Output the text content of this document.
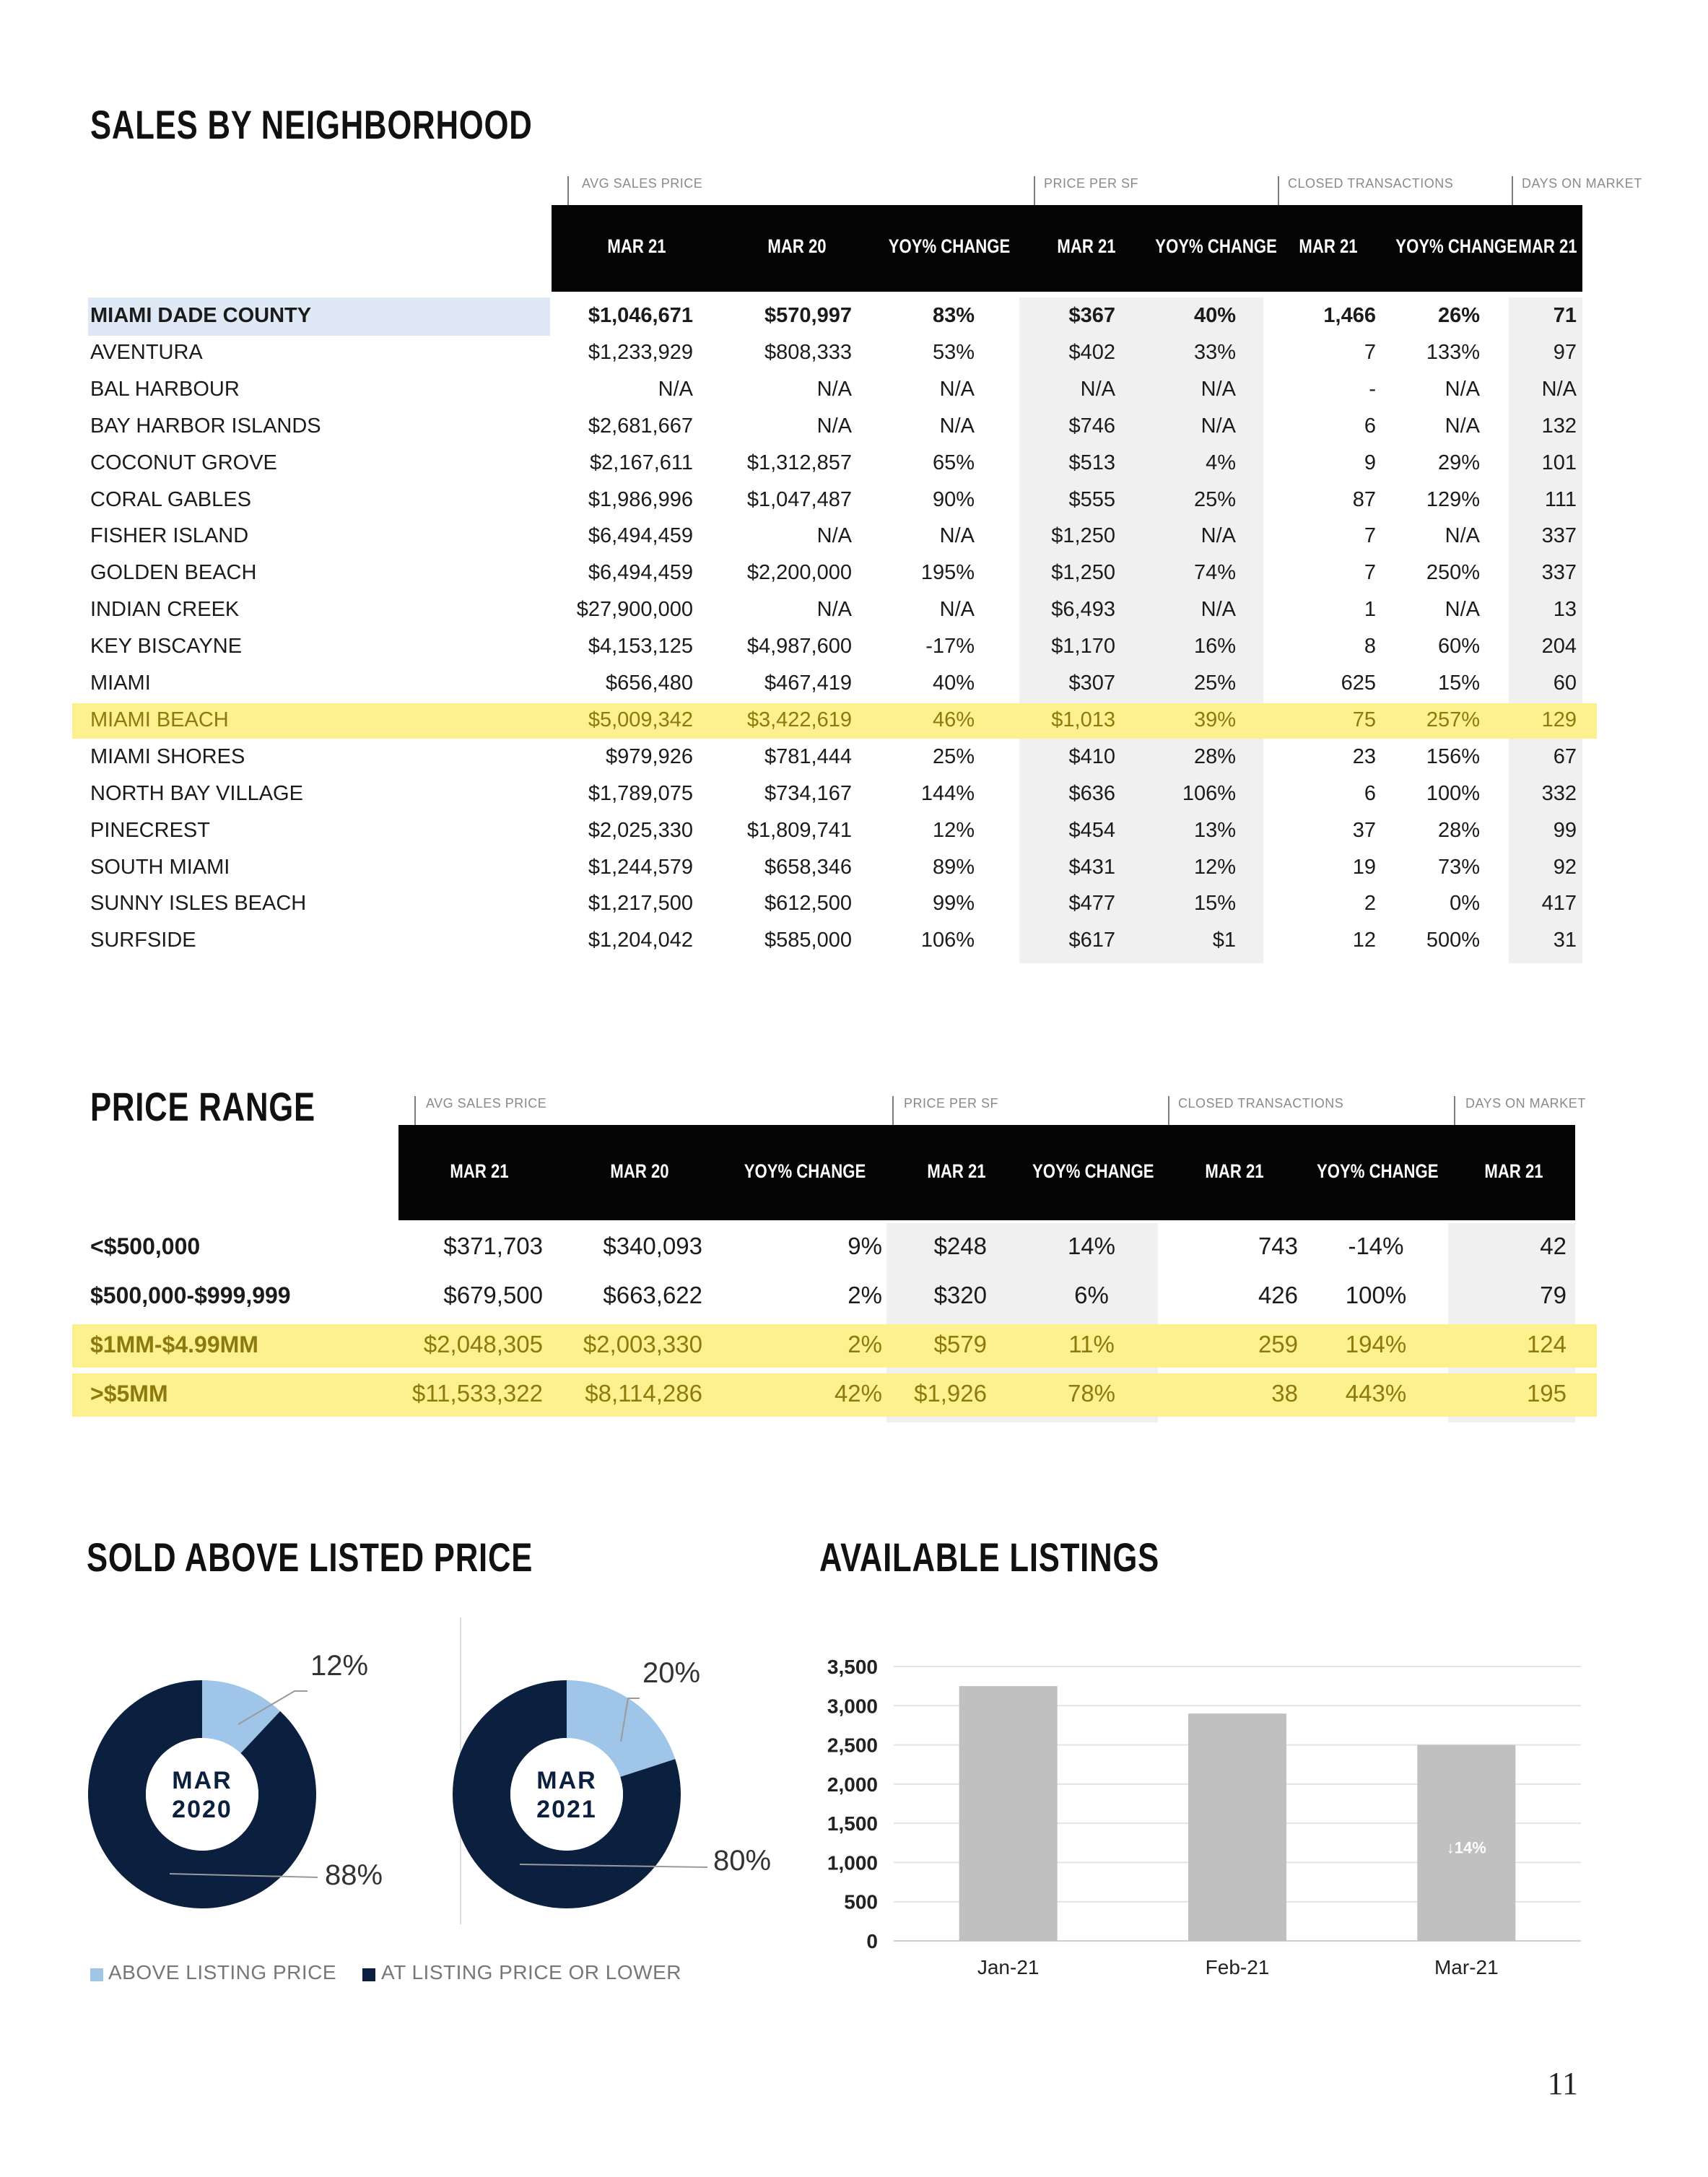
SALES BY NEIGHBORHOOD
AVG SALES PRICE	PRICE PER SF	CLOSED TRANSACTIONS	DAYS ON MARKET
MAR 21	MAR 20	YOY% CHANGE	MAR 21	YOY% CHANGE	MAR 21	YOY% CHANGE MAR 21
MIAMI DADE COUNTY	$1,046,671	$570,997	83%	$367	40%	1,466	26%	71
AVENTURA	$1,233,929	$808,333	53%	$402	33%	7	133%	97
BAL HARBOUR	N/A	N/A	N/A	N/A	N/A	-	N/A	N/A
BAY HARBOR ISLANDS	$2,681,667	N/A	N/A	$746	N/A	6	N/A	132
COCONUT GROVE	$2,167,611	$1,312,857	65%	$513	4%	9	29%	101
CORAL GABLES	$1,986,996	$1,047,487	90%	$555	25%	87	129%	111
FISHER ISLAND	$6,494,459	N/A	N/A	$1,250	N/A	7	N/A	337
GOLDEN BEACH	$6,494,459	$2,200,000	195%	$1,250	74%	7	250%	337
INDIAN CREEK	$27,900,000	N/A	N/A	$6,493	N/A	1	N/A	13
KEY BISCAYNE	$4,153,125	$4,987,600	-17%	$1,170	16%	8	60%	204
MIAMI	$656,480	$467,419	40%	$307	25%	625	15%	60
MIAMI BEACH	$5,009,342	$3,422,619	46%	$1,013	39%	75	257%	129
MIAMI SHORES	$979,926	$781,444	25%	$410	28%	23	156%	67
NORTH BAY VILLAGE	$1,789,075	$734,167	144%	$636	106%	6	100%	332
PINECREST	$2,025,330	$1,809,741	12%	$454	13%	37	28%	99
SOUTH MIAMI	$1,244,579	$658,346	89%	$431	12%	19	73%	92
SUNNY ISLES BEACH	$1,217,500	$612,500	99%	$477	15%	2	0%	417
SURFSIDE	$1,204,042	$585,000	106%	$617	$1	12	500%	31
PRICE RANGE	AVG SALES PRICE	PRICE PER SF	CLOSED TRANSACTIONS	DAYS ON MARKET
MAR 21	MAR 20	YOY% CHANGE	MAR 21	YOY% CHANGE	MAR 21	YOY% CHANGE	MAR 21
<$500,000	$371,703	$340,093	9%	$248	14%	743	-14%	42
$500,000-$999,999	$679,500	$663,622	2%	$320	6%	426	100%	79
$1MM-$4.99MM	$2,048,305	$2,003,330	2%	$579	11%	259	194%	124
>$5MM	$11,533,322	$8,114,286	42%	$1,926	78%	38	443%	195
SOLD ABOVE LISTED PRICE
MAR
2020
12%
88%
MAR
2021
20%
80%
ABOVE LISTING PRICE AT LISTING PRICE OR LOWER
AVAILABLE LISTINGS
0
500
1,000
1,500
2,000
2,500
3,000
3,500
↓14%
Jan-21	Feb-21	Mar-21
11
